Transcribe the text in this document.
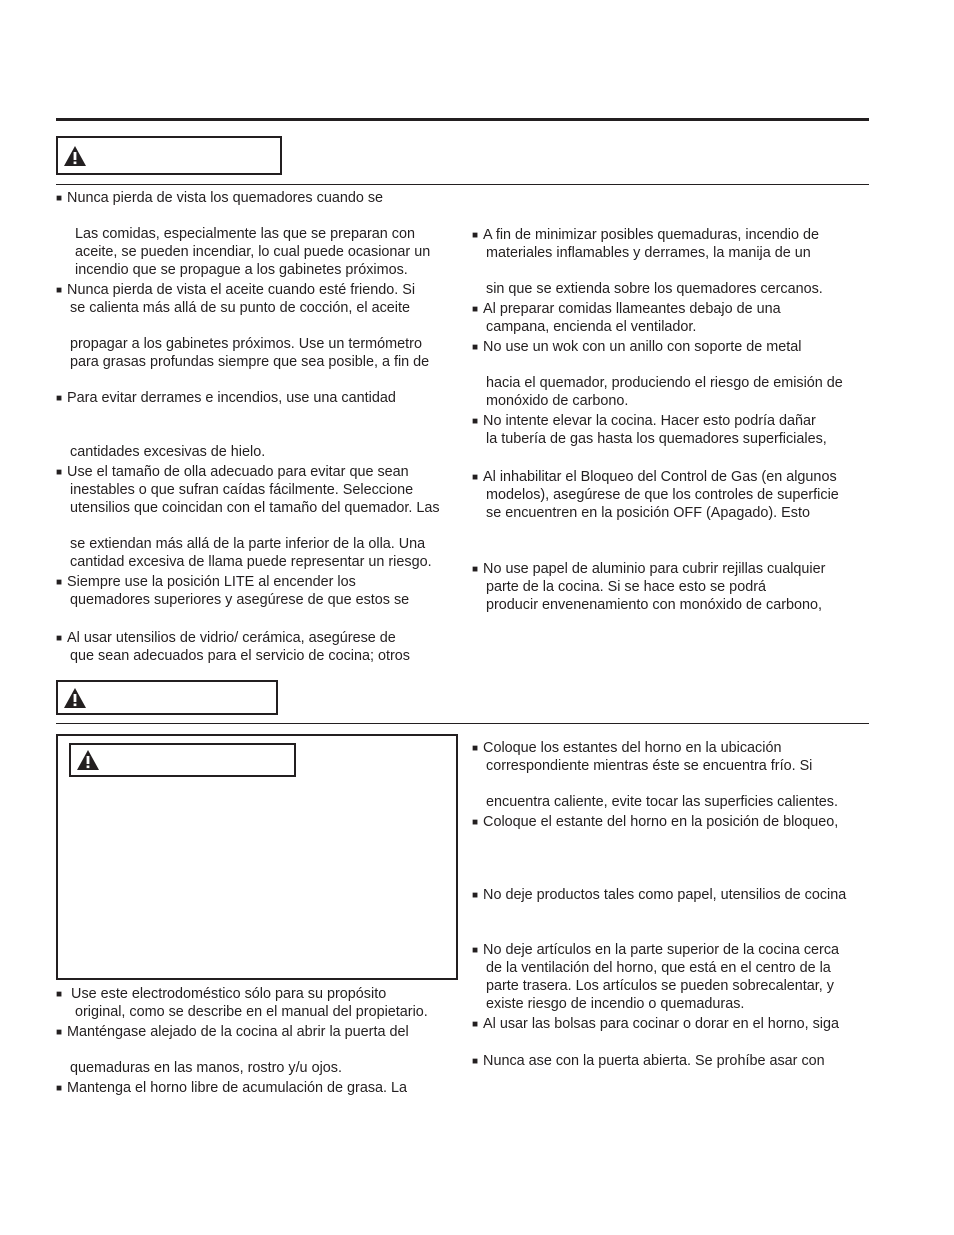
■ Nunca pierda de vista los quemadores cuando se
Las comidas, especialmente las que se preparan con
aceite, se pueden incendiar, lo cual puede ocasionar un
incendio que se propague a los gabinetes próximos.
■ Nunca pierda de vista el aceite cuando esté friendo. Si
se calienta más allá de su punto de cocción, el aceite
propagar a los gabinetes próximos. Use un termómetro
para grasas profundas siempre que sea posible, a fin de
■ Para evitar derrames e incendios, use una cantidad
cantidades excesivas de hielo.
■ Use el tamaño de olla adecuado para evitar que sean
inestables o que sufran caídas fácilmente. Seleccione
utensilios que coincidan con el tamaño del quemador. Las
se extiendan más allá de la parte inferior de la olla. Una
cantidad excesiva de llama puede representar un riesgo.
■ Siempre use la posición LITE al encender los
quemadores superiores y asegúrese de que estos se
■ Al usar utensilios de vidrio/ cerámica, asegúrese de
que sean adecuados para el servicio de cocina; otros
■ A fin de minimizar posibles quemaduras, incendio de
materiales inflamables y derrames, la manija de un
sin que se extienda sobre los quemadores cercanos.
■ Al preparar comidas llameantes debajo de una
campana, encienda el ventilador.
■ No use un wok con un anillo con soporte de metal
hacia el quemador, produciendo el riesgo de emisión de
monóxido de carbono.
■ No intente elevar la cocina. Hacer esto podría dañar
la tubería de gas hasta los quemadores superficiales,
■ Al inhabilitar el Bloqueo del Control de Gas (en algunos
modelos), asegúrese de que los controles de superficie
se encuentren en la posición OFF (Apagado). Esto
■ No use papel de aluminio para cubrir rejillas cualquier
parte de la cocina. Si se hace esto se podrá
producir envenenamiento con monóxido de carbono,
■ Use este electrodoméstico sólo para su propósito
original, como se describe en el manual del propietario.
■ Manténgase alejado de la cocina al abrir la puerta del
quemaduras en las manos, rostro y/u ojos.
■ Mantenga el horno libre de acumulación de grasa. La
■ Coloque los estantes del horno en la ubicación
correspondiente mientras éste se encuentra frío. Si
encuentra caliente, evite tocar las superficies calientes.
■ Coloque el estante del horno en la posición de bloqueo,
■ No deje productos tales como papel, utensilios de cocina
■ No deje artículos en la parte superior de la cocina cerca
de la ventilación del horno, que está en el centro de la
parte trasera. Los artículos se pueden sobrecalentar, y
existe riesgo de incendio o quemaduras.
■ Al usar las bolsas para cocinar o dorar en el horno, siga
■ Nunca ase con la puerta abierta. Se prohíbe asar con
